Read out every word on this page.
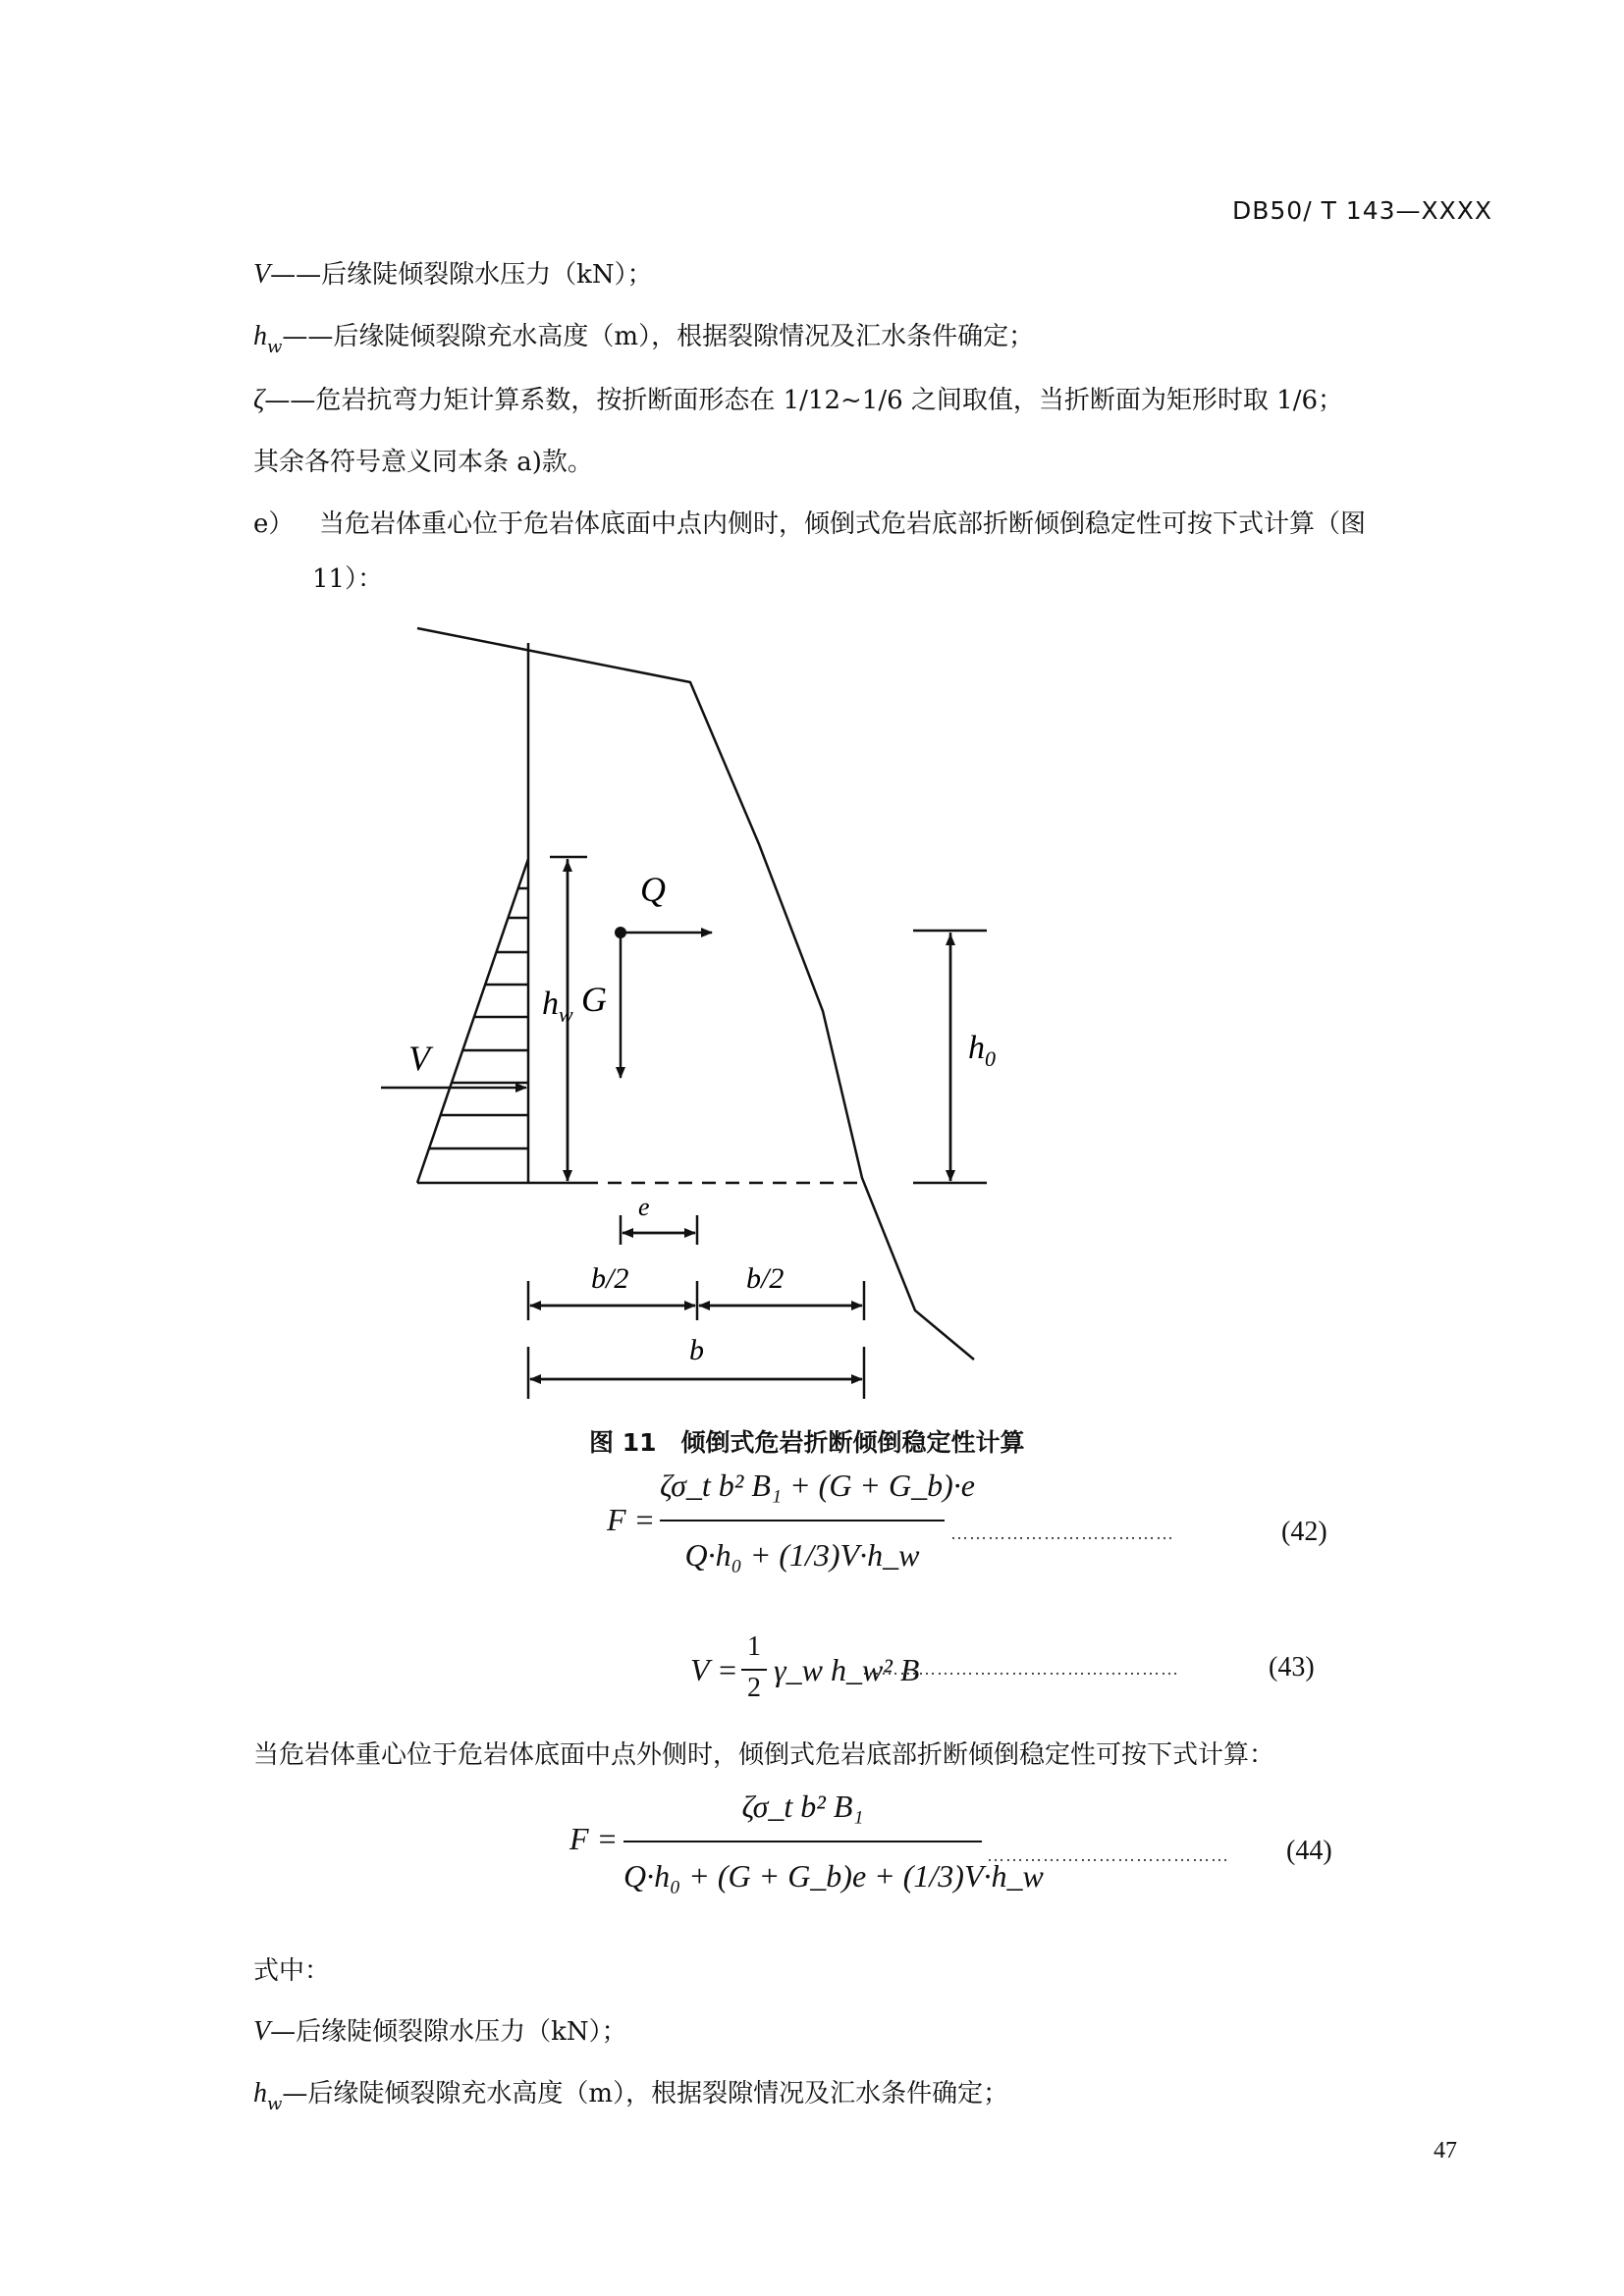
DB50/ T 143—XXXX
V——后缘陡倾裂隙水压力（kN）；
$h_w——$后缘陡倾裂隙充水高度（m），根据裂隙情况及汇水条件确定；
ζ——危岩抗弯力矩计算系数，按折断面形态在 1/12~1/6 之间取值，当折断面为矩形时取 1/6；
其余各符号意义同本条 a)款。
e） 当危岩体重心位于危岩体底面中点内侧时，倾倒式危岩底部折断倾倒稳定性可按下式计算（图
11）：
Q
G
V
$h_w$
$h_0$
e
b/2	b/2
b
图 11　倾倒式危岩折断倾倒稳定性计算
F =
ζσ_t b² B₁ + (G + G_b)·e
Q·h₀ + (1/3)V·h_w
………………………………	(42)
V =
1
2
γ_w h_w² B
……………………………………………	(43)
当危岩体重心位于危岩体底面中点外侧时，倾倒式危岩底部折断倾倒稳定性可按下式计算：
F =
ζσ_t b² B₁
Q·h₀ + (G + G_b)e + (1/3)V·h_w
………………………………… (44)
式中：
V—后缘陡倾裂隙水压力（kN）；
$h_w—$后缘陡倾裂隙充水高度（m），根据裂隙情况及汇水条件确定；
47
